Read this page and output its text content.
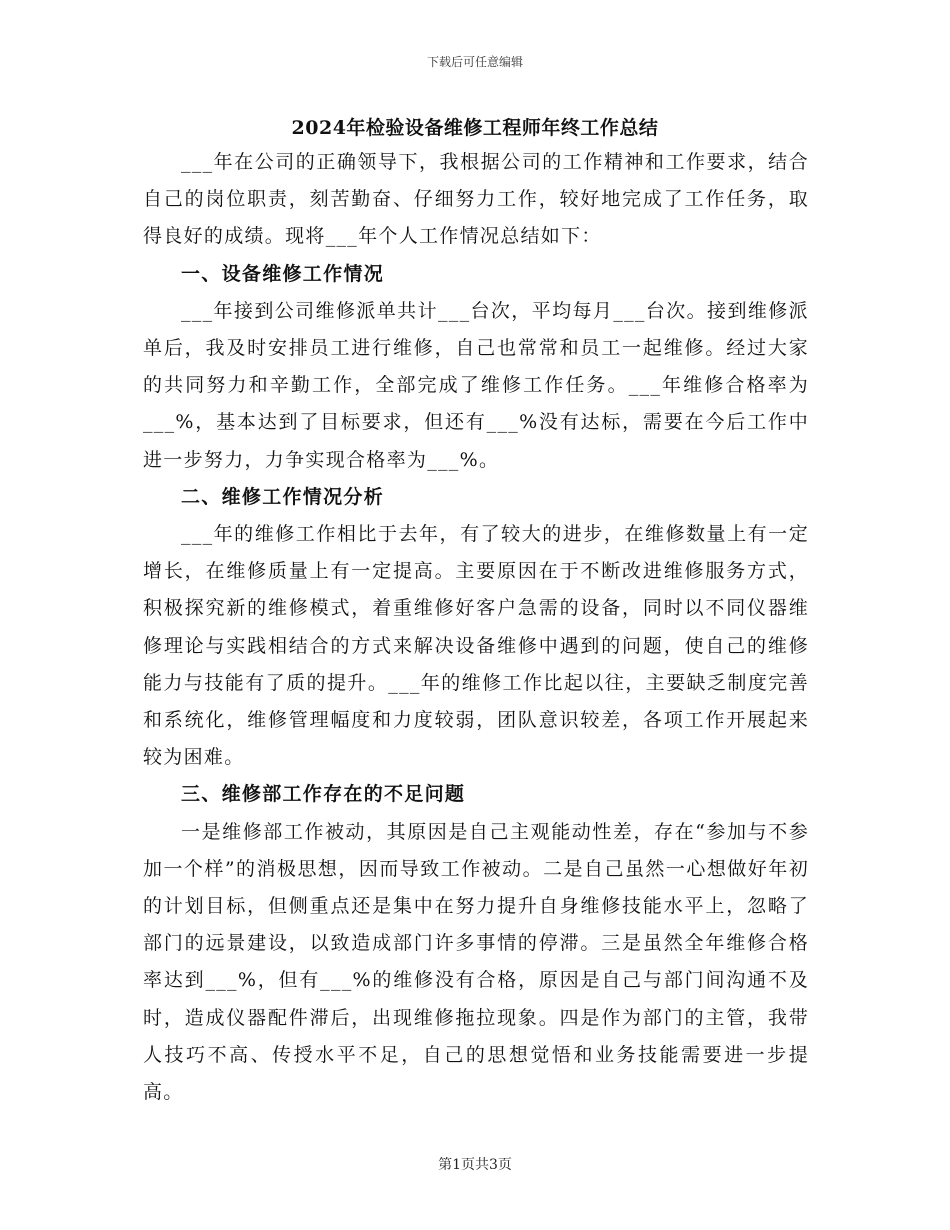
下载后可任意编辑
2024年检验设备维修工程师年终工作总结

___年在公司的正确领导下，我根据公司的工作精神和工作要求，结合自己的岗位职责，刻苦勤奋、仔细努力工作，较好地完成了工作任务，取得良好的成绩。现将___年个人工作情况总结如下：

一、设备维修工作情况

___年接到公司维修派单共计___台次，平均每月___台次。接到维修派单后，我及时安排员工进行维修，自己也常常和员工一起维修。经过大家的共同努力和辛勤工作，全部完成了维修工作任务。___年维修合格率为___%，基本达到了目标要求，但还有___%没有达标，需要在今后工作中进一步努力，力争实现合格率为___%。

二、维修工作情况分析

___年的维修工作相比于去年，有了较大的进步，在维修数量上有一定增长，在维修质量上有一定提高。主要原因在于不断改进维修服务方式，积极探究新的维修模式，着重维修好客户急需的设备，同时以不同仪器维修理论与实践相结合的方式来解决设备维修中遇到的问题，使自己的维修能力与技能有了质的提升。___年的维修工作比起以往，主要缺乏制度完善和系统化，维修管理幅度和力度较弱，团队意识较差，各项工作开展起来较为困难。

三、维修部工作存在的不足问题

一是维修部工作被动，其原因是自己主观能动性差，存在“参加与不参加一个样”的消极思想，因而导致工作被动。二是自己虽然一心想做好年初的计划目标，但侧重点还是集中在努力提升自身维修技能水平上，忽略了部门的远景建设，以致造成部门许多事情的停滞。三是虽然全年维修合格率达到___%，但有___%的维修没有合格，原因是自己与部门间沟通不及时，造成仪器配件滞后，出现维修拖拉现象。四是作为部门的主管，我带人技巧不高、传授水平不足，自己的思想觉悟和业务技能需要进一步提高。

第1页共3页
